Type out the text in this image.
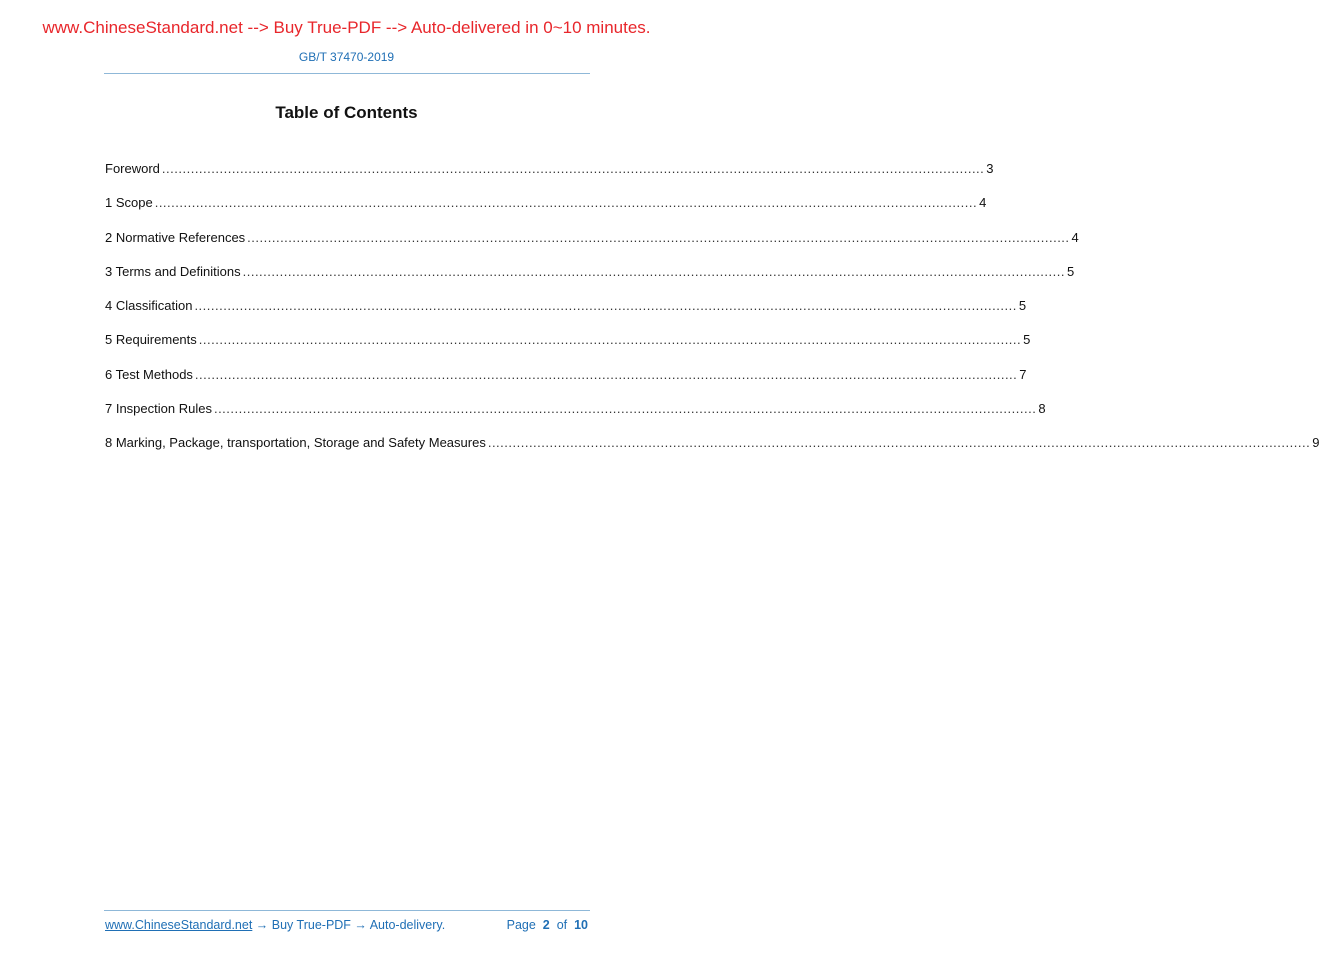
www.ChineseStandard.net --> Buy True-PDF --> Auto-delivered in 0~10 minutes.
GB/T 37470-2019
Table of Contents
Foreword ........................................................................................................................................................................................................ 3
1 Scope ........................................................................................................................................................................................................ 4
2 Normative References ........................................................................................................................................................................................................ 4
3 Terms and Definitions ........................................................................................................................................................................................................ 5
4 Classification ........................................................................................................................................................................................................ 5
5 Requirements ........................................................................................................................................................................................................ 5
6 Test Methods ........................................................................................................................................................................................................ 7
7 Inspection Rules ........................................................................................................................................................................................................ 8
8 Marking, Package, transportation, Storage and Safety Measures ........................................................................................................................................................................................................ 9
www.ChineseStandard.net → Buy True-PDF → Auto-delivery.	Page 2 of 10
